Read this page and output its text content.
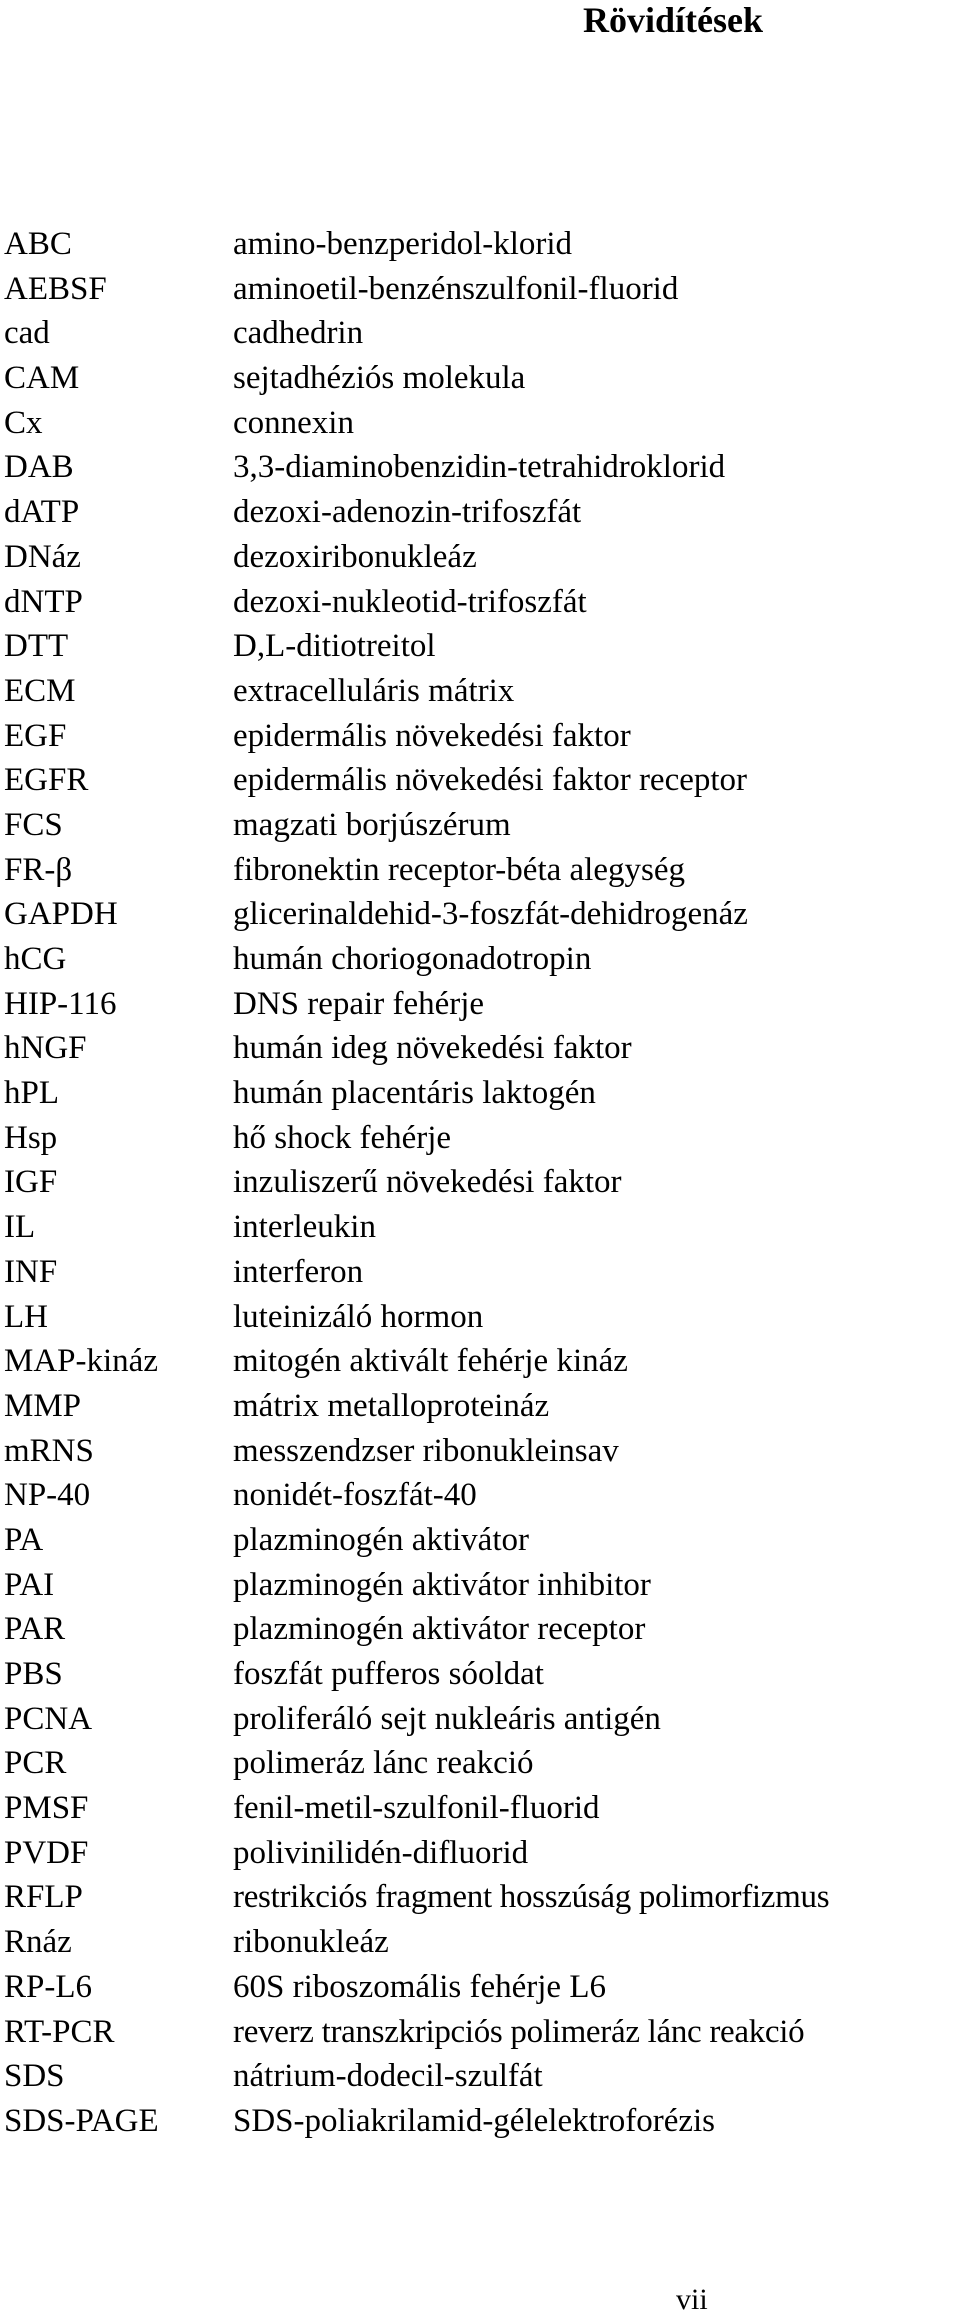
Rövidítések
ABC	amino-benzperidol-klorid
AEBSF	aminoetil-benzénszulfonil-fluorid
cad	cadhedrin
CAM	sejtadhéziós molekula
Cx	connexin
DAB	3,3-diaminobenzidin-tetrahidroklorid
dATP	dezoxi-adenozin-trifoszfát
DNáz	dezoxiribonukleáz
dNTP	dezoxi-nukleotid-trifoszfát
DTT	D,L-ditiotreitol
ECM	extracelluláris mátrix
EGF	epidermális növekedési faktor
EGFR	epidermális növekedési faktor receptor
FCS	magzati borjúszérum
FR-β	fibronektin receptor-béta alegység
GAPDH	glicerinaldehid-3-foszfát-dehidrogenáz
hCG	humán choriogonadotropin
HIP-116	DNS repair fehérje
hNGF	humán ideg növekedési faktor
hPL	humán placentáris laktogén
Hsp	hő shock fehérje
IGF	inzuliszerű növekedési faktor
IL	interleukin
INF	interferon
LH	luteinizáló hormon
MAP-kináz mitogén aktivált fehérje kináz
MMP	mátrix metalloproteináz
mRNS	messzendzser ribonukleinsav
NP-40	nonidét-foszfát-40
PA	plazminogén aktivátor
PAI	plazminogén aktivátor inhibitor
PAR	plazminogén aktivátor receptor
PBS	foszfát pufferos sóoldat
PCNA	proliferáló sejt nukleáris antigén
PCR	polimeráz lánc reakció
PMSF	fenil-metil-szulfonil-fluorid
PVDF	polivinilidén-difluorid
RFLP	restrikciós fragment hosszúság polimorfizmus
Rnáz	ribonukleáz
RP-L6	60S riboszomális fehérje L6
RT-PCR	reverz transzkripciós polimeráz lánc reakció
SDS	nátrium-dodecil-szulfát
SDS-PAGE SDS-poliakrilamid-gélelektroforézis
vii
